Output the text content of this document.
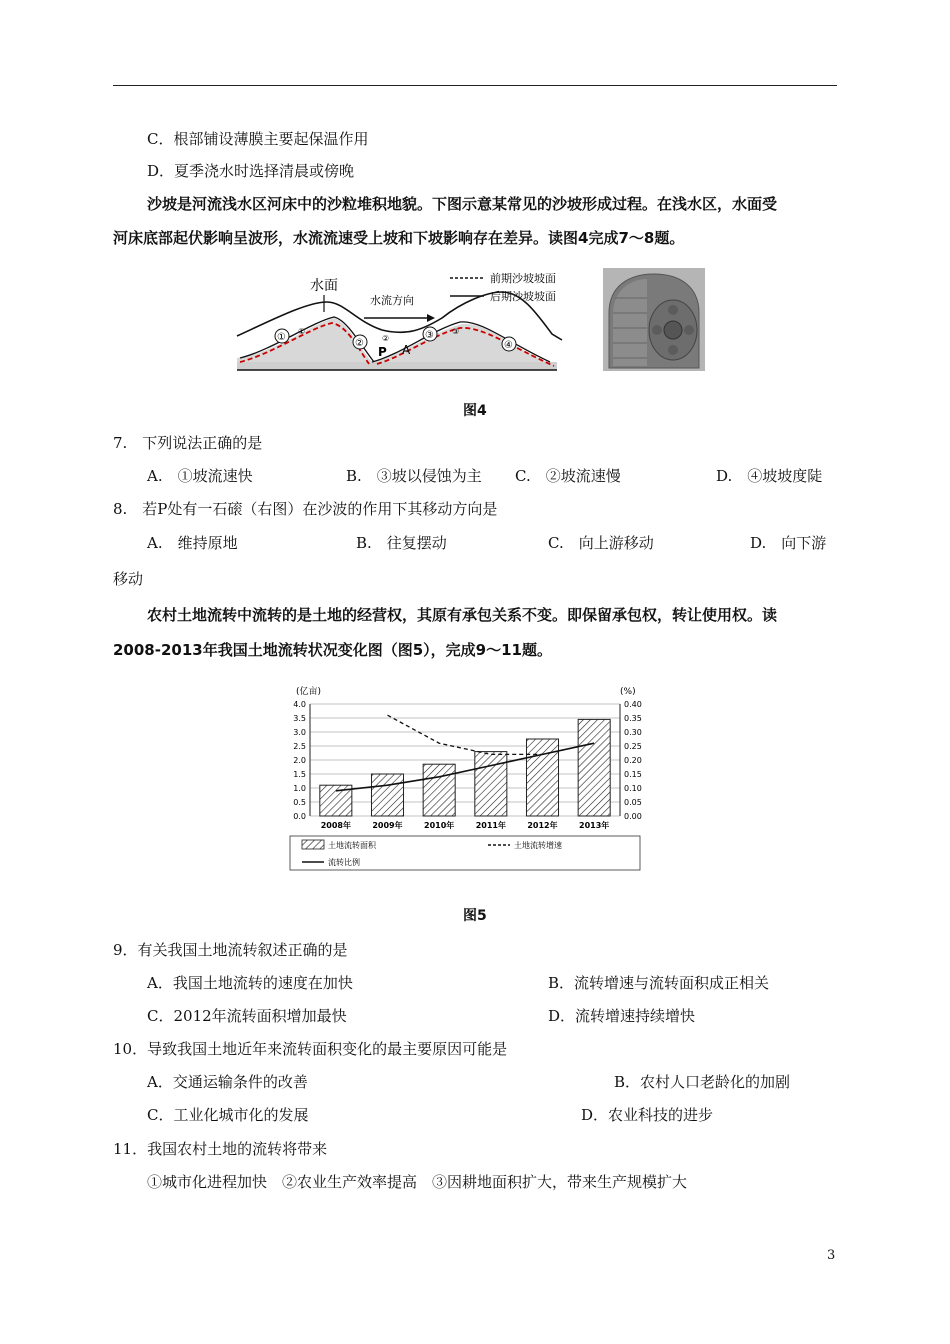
C．根部铺设薄膜主要起保温作用
D．夏季浇水时选择清晨或傍晚
沙坡是河流浅水区河床中的沙粒堆积地貌。下图示意某常见的沙坡形成过程。在浅水区，水面受
河床底部起伏影响呈波形，水流流速受上坡和下坡影响存在差异。读图4完成7～8题。
水面
水流方向
前期沙坡坡面
后期沙坡坡面
①
①
② ②	③ ③
④
P A
图4
7.　下列说法正确的是
A.　①坡流速快	B.　③坡以侵蚀为主 C.　②坡流速慢	D.　④坡坡度陡
8.　若P处有一石磙（右图）在沙波的作用下其移动方向是
A.　维持原地	B.　往复摆动	C.　向上游移动	D.　向下游
移动
农村土地流转中流转的是土地的经营权，其原有承包关系不变。即保留承包权，转让使用权。读
2008-2013年我国土地流转状况变化图（图5），完成9～11题。
(亿亩)	(%)
4.0	0.40
3.5	0.35
3.0	0.30
2.5	0.25
2.0	0.20
1.5	0.15
1.0	0.10
0.5	0.05
0.0	0.00
2008年	2009年	2010年	2011年	2012年	2013年
土地流转面积	土地流转增速
流转比例
图5
9．有关我国土地流转叙述正确的是
A．我国土地流转的速度在加快	B．流转增速与流转面积成正相关
C．2012年流转面积增加最快	D．流转增速持续增快
10．导致我国土地近年来流转面积变化的最主要原因可能是
A．交通运输条件的改善	B．农村人口老龄化的加剧
C．工业化城市化的发展	D．农业科技的进步
11．我国农村土地的流转将带来
①城市化进程加快　②农业生产效率提高　③因耕地面积扩大，带来生产规模扩大
3
